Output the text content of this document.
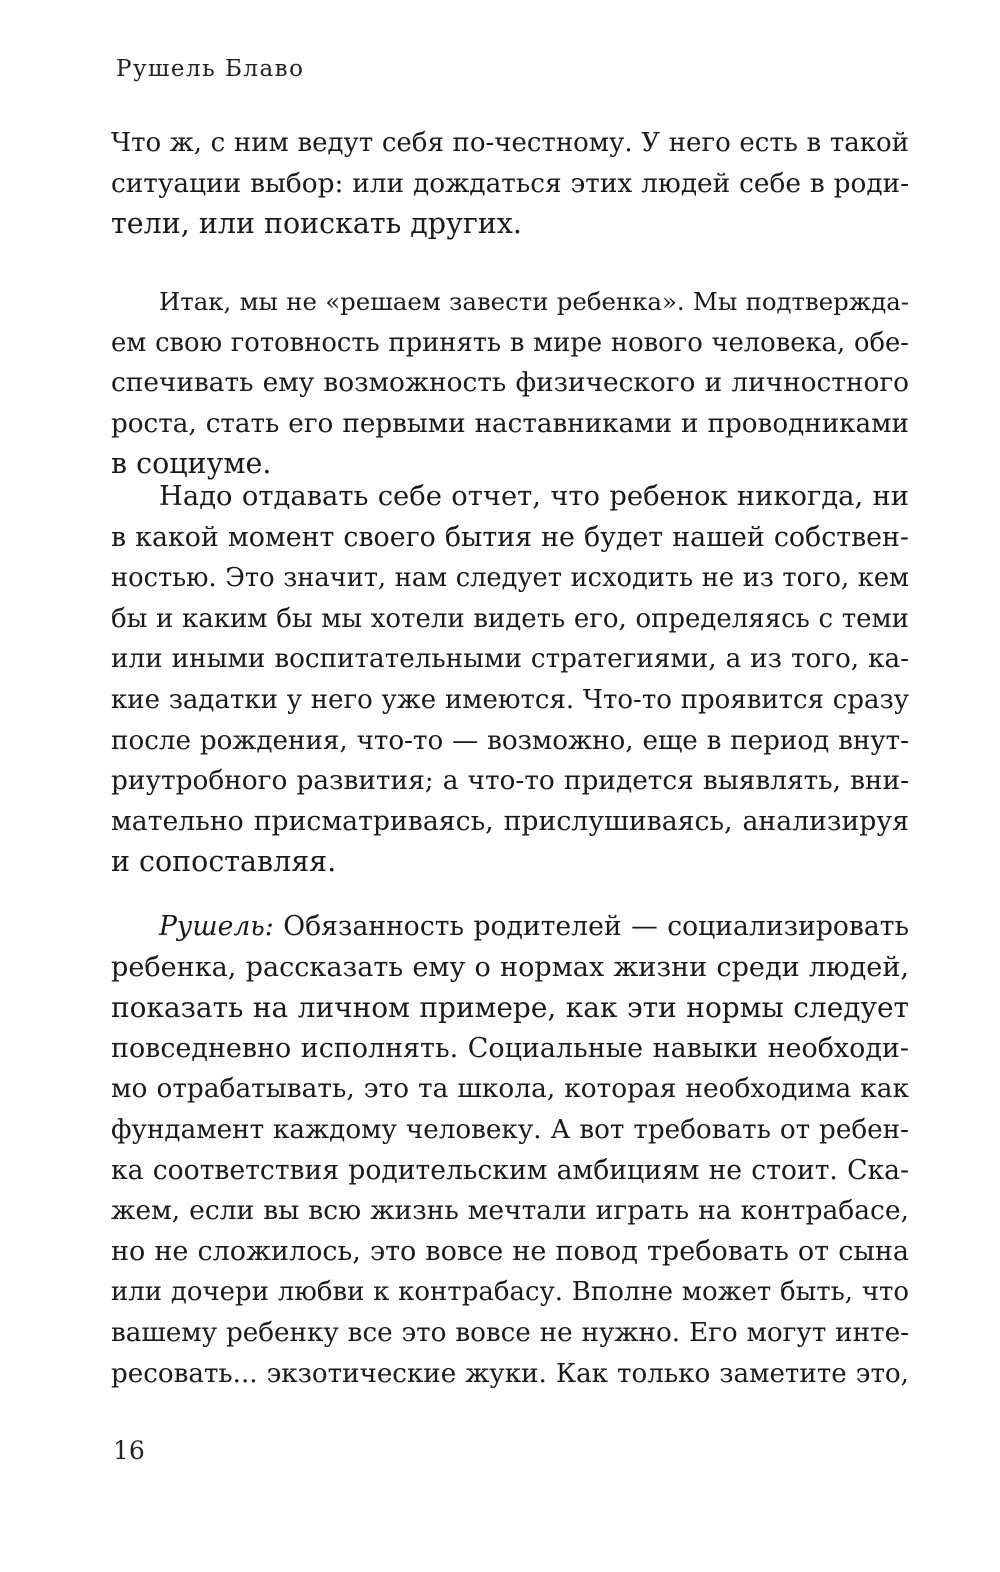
Рушель Блаво
Что ж, с ним ведут себя по-честному. У него есть в такой
ситуации выбор: или дождаться этих людей себе в роди-
тели, или поискать других.
Итак, мы не «решаем завести ребенка». Мы подтвержда-
ем свою готовность принять в мире нового человека, обе-
спечивать ему возможность физического и личностного
роста, стать его первыми наставниками и проводниками
в социуме.
Надо отдавать себе отчет, что ребенок никогда, ни
в какой момент своего бытия не будет нашей собствен-
ностью. Это значит, нам следует исходить не из того, кем
бы и каким бы мы хотели видеть его, определяясь с теми
или иными воспитательными стратегиями, а из того, ка-
кие задатки у него уже имеются. Что-то проявится сразу
после рождения, что-то — возможно, еще в период внут-
риутробного развития; а что-то придется выявлять, вни-
мательно присматриваясь, прислушиваясь, анализируя
и сопоставляя.
Рушель: Обязанность родителей — социализировать
ребенка, рассказать ему о нормах жизни среди людей,
показать на личном примере, как эти нормы следует
повседневно исполнять. Социальные навыки необходи-
мо отрабатывать, это та школа, которая необходима как
фундамент каждому человеку. А вот требовать от ребен-
ка соответствия родительским амбициям не стоит. Ска-
жем, если вы всю жизнь мечтали играть на контрабасе,
но не сложилось, это вовсе не повод требовать от сына
или дочери любви к контрабасу. Вполне может быть, что
вашему ребенку все это вовсе не нужно. Его могут инте-
ресовать... экзотические жуки. Как только заметите это,
16
